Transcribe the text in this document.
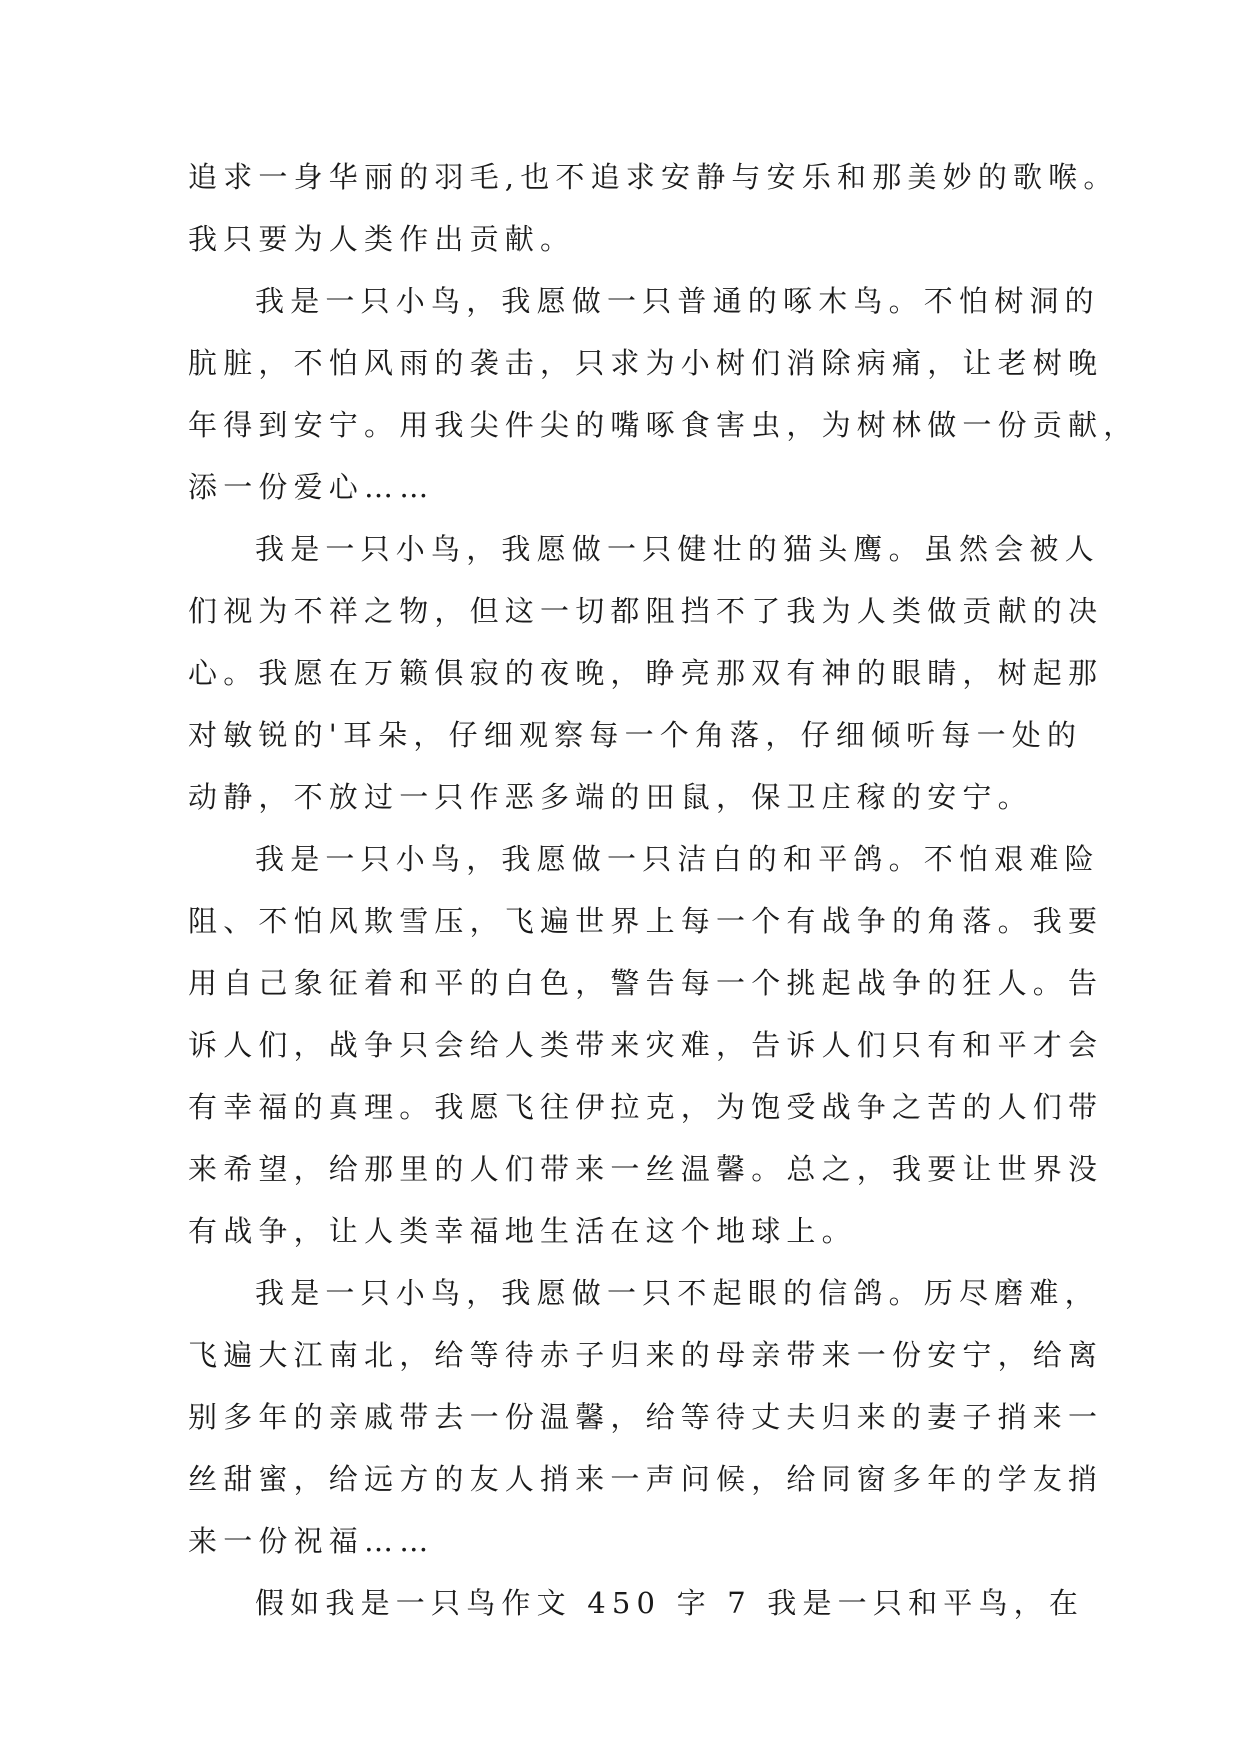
追求一身华丽的羽毛,也不追求安静与安乐和那美妙的歌喉。
我只要为人类作出贡献。
我是一只小鸟，我愿做一只普通的啄木鸟。不怕树洞的
肮脏，不怕风雨的袭击，只求为小树们消除病痛，让老树晚
年得到安宁。用我尖件尖的嘴啄食害虫，为树林做一份贡献，
添一份爱心……
我是一只小鸟，我愿做一只健壮的猫头鹰。虽然会被人
们视为不祥之物，但这一切都阻挡不了我为人类做贡献的决
心。我愿在万籁俱寂的夜晚，睁亮那双有神的眼睛，树起那
对敏锐的'耳朵，仔细观察每一个角落，仔细倾听每一处的
动静，不放过一只作恶多端的田鼠，保卫庄稼的安宁。
我是一只小鸟，我愿做一只洁白的和平鸽。不怕艰难险
阻、不怕风欺雪压，飞遍世界上每一个有战争的角落。我要
用自己象征着和平的白色，警告每一个挑起战争的狂人。告
诉人们，战争只会给人类带来灾难，告诉人们只有和平才会
有幸福的真理。我愿飞往伊拉克，为饱受战争之苦的人们带
来希望，给那里的人们带来一丝温馨。总之，我要让世界没
有战争，让人类幸福地生活在这个地球上。
我是一只小鸟，我愿做一只不起眼的信鸽。历尽磨难，
飞遍大江南北，给等待赤子归来的母亲带来一份安宁，给离
别多年的亲戚带去一份温馨，给等待丈夫归来的妻子捎来一
丝甜蜜，给远方的友人捎来一声问候，给同窗多年的学友捎
来一份祝福……
假如我是一只鸟作文 450 字 7 我是一只和平鸟，在
